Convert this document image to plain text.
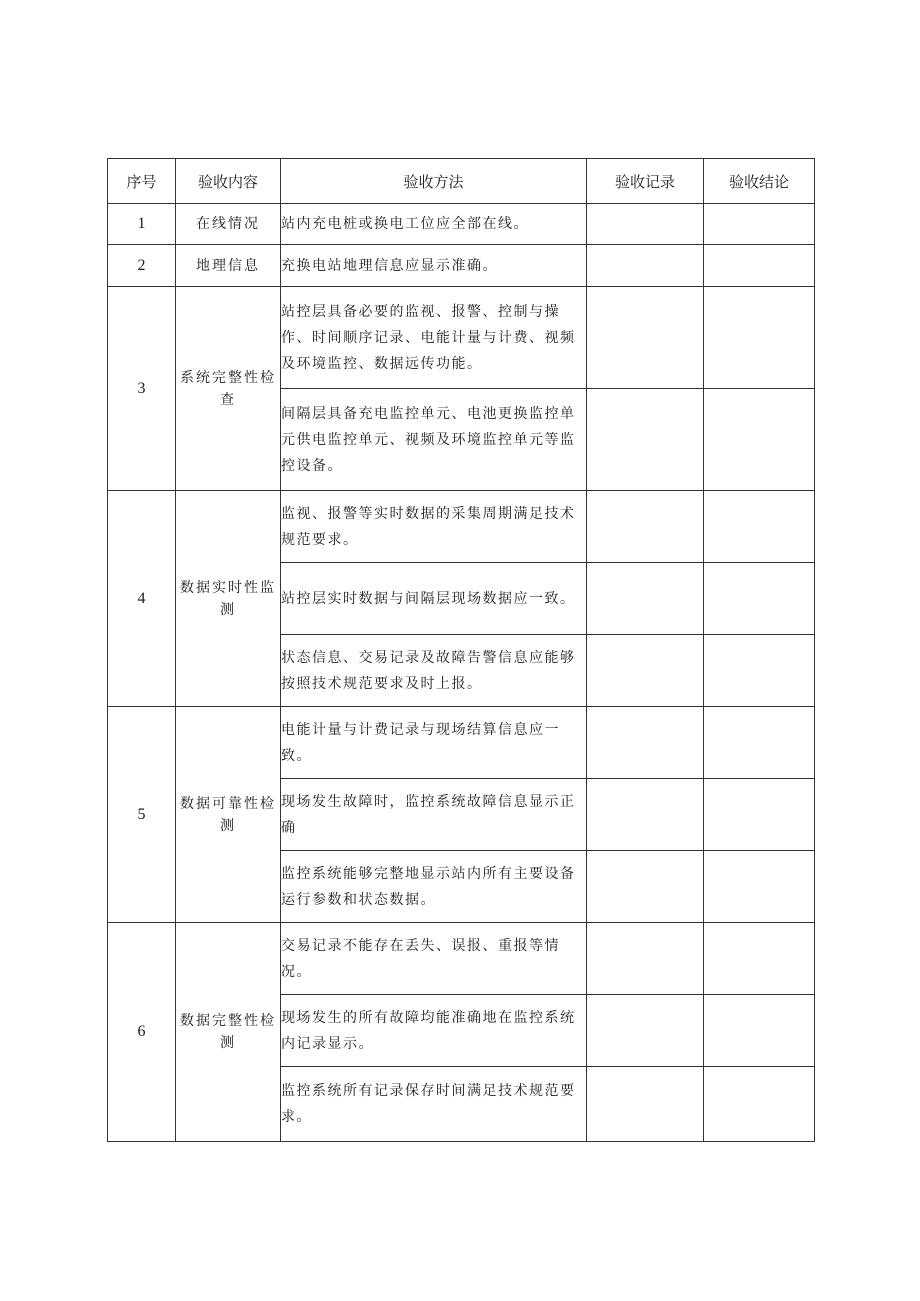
序号	验收内容	验收方法	验收记录	验收结论
1	在线情况	站内充电桩或换电工位应全部在线。		
2	地理信息	充换电站地理信息应显示准确。		
3	系统完整性检查	站控层具备必要的监视、报警、控制与操作、时间顺序记录、电能计量与计费、视频及环境监控、数据远传功能。		
		间隔层具备充电监控单元、电池更换监控单元供电监控单元、视频及环境监控单元等监控设备。		
4	数据实时性监测	监视、报警等实时数据的采集周期满足技术规范要求。		
		站控层实时数据与间隔层现场数据应一致。		
		状态信息、交易记录及故障告警信息应能够按照技术规范要求及时上报。		
5	数据可靠性检测	电能计量与计费记录与现场结算信息应一致。		
		现场发生故障时，监控系统故障信息显示正确		
		监控系统能够完整地显示站内所有主要设备运行参数和状态数据。		
6	数据完整性检测	交易记录不能存在丢失、误报、重报等情况。		
		现场发生的所有故障均能准确地在监控系统内记录显示。		
		监控系统所有记录保存时间满足技术规范要求。		
